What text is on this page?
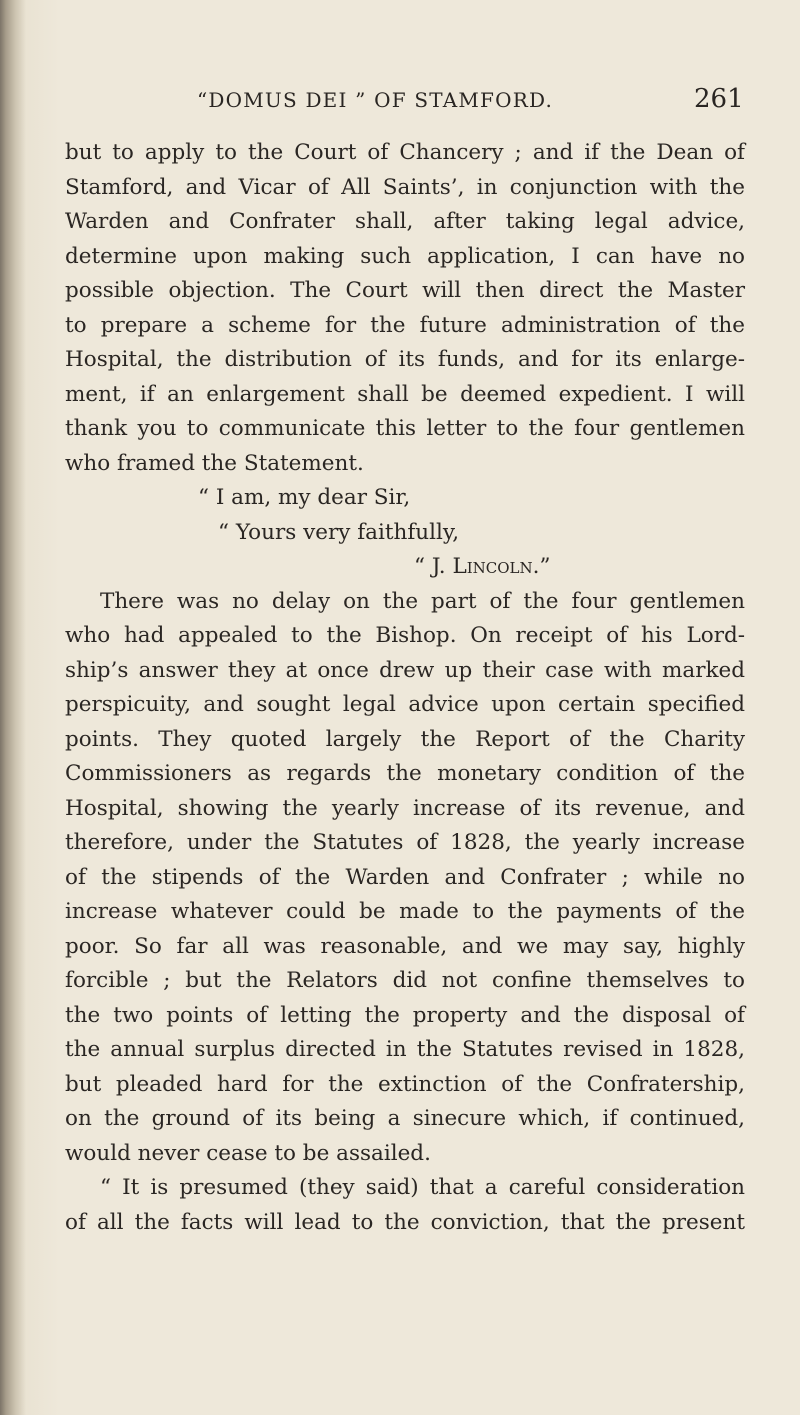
“DOMUS DEI ” OF STAMFORD.	261
but to apply to the Court of Chancery ; and if the Dean of
Stamford, and Vicar of All Saints’, in conjunction with the
Warden and Confrater shall, after taking legal advice,
determine upon making such application, I can have no
possible objection. The Court will then direct the Master
to prepare a scheme for the future administration of the
Hospital, the distribution of its funds, and for its enlarge-
ment, if an enlargement shall be deemed expedient. I will
thank you to communicate this letter to the four gentlemen
who framed the Statement.
“ I am, my dear Sir,
“ Yours very faithfully,
“ J. Lincoln.”
There was no delay on the part of the four gentlemen
who had appealed to the Bishop. On receipt of his Lord-
ship’s answer they at once drew up their case with marked
perspicuity, and sought legal advice upon certain specified
points. They quoted largely the Report of the Charity
Commissioners as regards the monetary condition of the
Hospital, showing the yearly increase of its revenue, and
therefore, under the Statutes of 1828, the yearly increase
of the stipends of the Warden and Confrater ; while no
increase whatever could be made to the payments of the
poor. So far all was reasonable, and we may say, highly
forcible ; but the Relators did not confine themselves to
the two points of letting the property and the disposal of
the annual surplus directed in the Statutes revised in 1828,
but pleaded hard for the extinction of the Confratership,
on the ground of its being a sinecure which, if continued,
would never cease to be assailed.
“ It is presumed (they said) that a careful consideration
of all the facts will lead to the conviction, that the present
